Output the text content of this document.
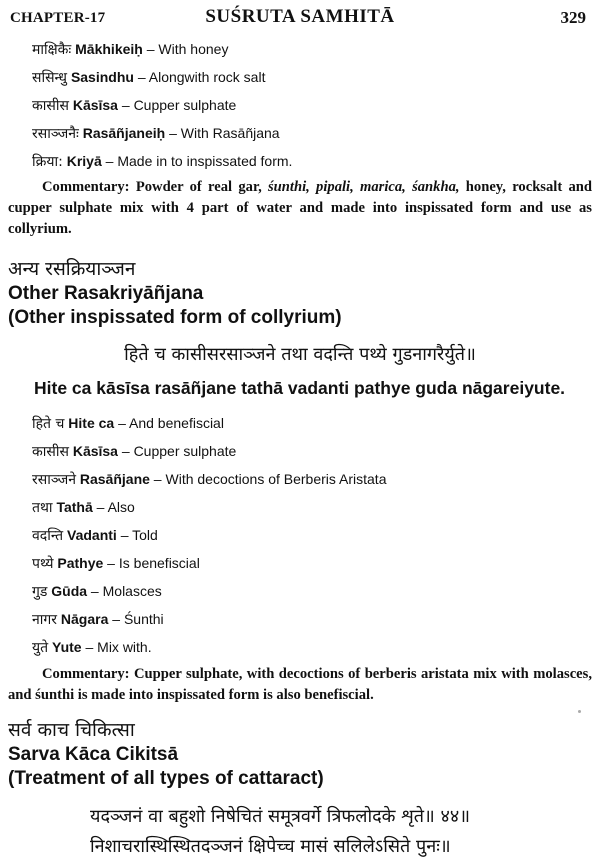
CHAPTER-17	SUŚRUTA SAMHITĀ	329
माक्षिकैः Mākhikeiḥ – With honey
ससिन्धु Sasindhu – Alongwith rock salt
कासीस Kāsīsa – Cupper sulphate
रसाञ्जनैः Rasāñjaneiḥ – With Rasāñjana
क्रिया: Kriyā – Made in to inspissated form.
Commentary: Powder of real gar, śunthi, pipali, marica, śankha, honey, rocksalt and cupper sulphate mix with 4 part of water and made into inspissated form and use as collyrium.
अन्य रसक्रियाञ्जन
Other Rasakriyāñjana
(Other inspissated form of collyrium)
हिते च कासीसरसाञ्जने तथा वदन्ति पथ्ये गुडनागरैर्युते॥
Hite ca kāsīsa rasāñjane tathā vadanti pathye guda nāgareiyute.
हिते च Hite ca – And benefiscial
कासीस Kāsīsa – Cupper sulphate
रसाञ्जने Rasāñjane – With decoctions of Berberis Aristata
तथा Tathā – Also
वदन्ति Vadanti – Told
पथ्ये Pathye – Is benefiscial
गुड Gūda – Molasces
नागर Nāgara – Śunthi
युते Yute – Mix with.
Commentary: Cupper sulphate, with decoctions of berberis aristata mix with molasces, and śunthi is made into inspissated form is also benefiscial.
सर्व काच चिकित्सा
Sarva Kāca Cikitsā
(Treatment of all types of cattaract)
यदञ्जनं वा बहुशो निषेचितं समूत्रवर्गे त्रिफलोदके शृते॥ ४४॥
निशाचरास्थिस्थितदञ्जनं क्षिपेच्च मासं सलिलेऽसिते पुनः॥
